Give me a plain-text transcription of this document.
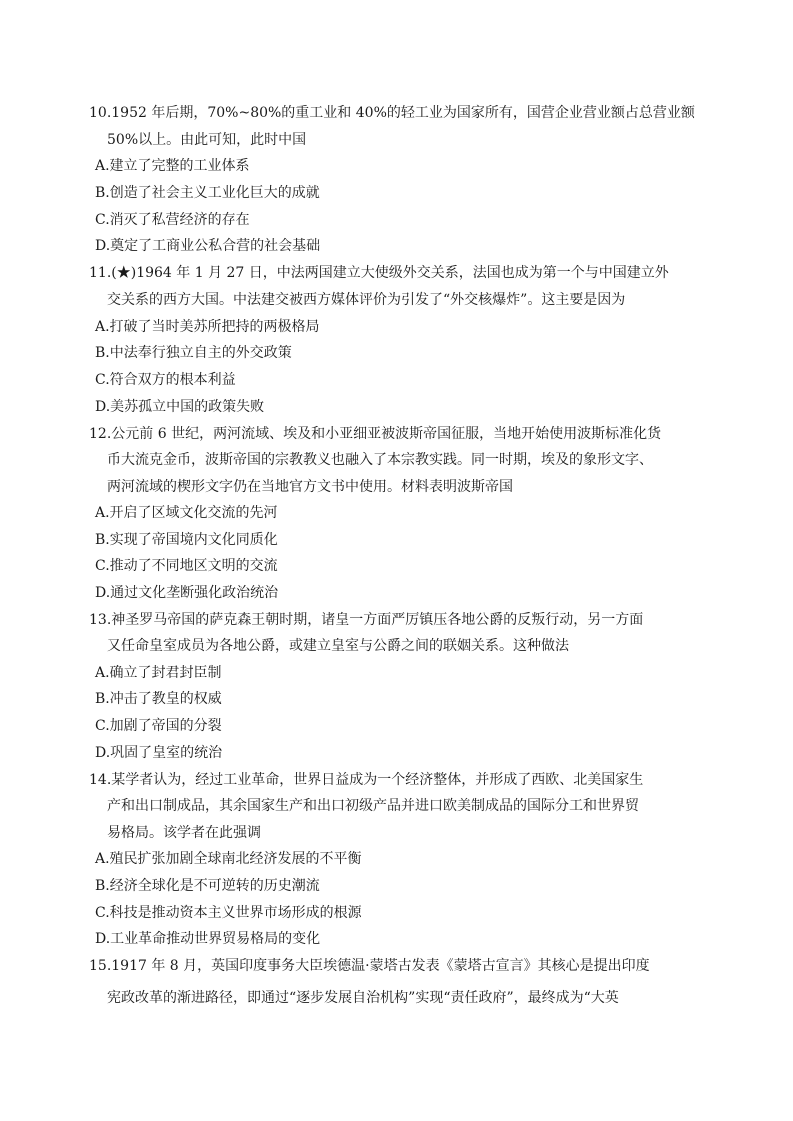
10.1952 年后期，70%~80%的重工业和 40%的轻工业为国家所有，国营企业营业额占总营业额
50%以上。由此可知，此时中国
A.建立了完整的工业体系
B.创造了社会主义工业化巨大的成就
C.消灭了私营经济的存在
D.奠定了工商业公私合营的社会基础
11.(★)1964 年 1 月 27 日，中法两国建立大使级外交关系，法国也成为第一个与中国建立外
交关系的西方大国。中法建交被西方媒体评价为引发了“外交核爆炸”。这主要是因为
A.打破了当时美苏所把持的两极格局
B.中法奉行独立自主的外交政策
C.符合双方的根本利益
D.美苏孤立中国的政策失败
12.公元前 6 世纪，两河流域、埃及和小亚细亚被波斯帝国征服，当地开始使用波斯标准化货
币大流克金币，波斯帝国的宗教教义也融入了本宗教实践。同一时期，埃及的象形文字、
两河流域的楔形文字仍在当地官方文书中使用。材料表明波斯帝国
A.开启了区域文化交流的先河
B.实现了帝国境内文化同质化
C.推动了不同地区文明的交流
D.通过文化垄断强化政治统治
13.神圣罗马帝国的萨克森王朝时期，诸皇一方面严厉镇压各地公爵的反叛行动，另一方面
又任命皇室成员为各地公爵，或建立皇室与公爵之间的联姻关系。这种做法
A.确立了封君封臣制
B.冲击了教皇的权威
C.加剧了帝国的分裂
D.巩固了皇室的统治
14.某学者认为，经过工业革命，世界日益成为一个经济整体，并形成了西欧、北美国家生
产和出口制成品，其余国家生产和出口初级产品并进口欧美制成品的国际分工和世界贸
易格局。该学者在此强调
A.殖民扩张加剧全球南北经济发展的不平衡
B.经济全球化是不可逆转的历史潮流
C.科技是推动资本主义世界市场形成的根源
D.工业革命推动世界贸易格局的变化
15.1917 年 8 月，英国印度事务大臣埃德温·蒙塔古发表《蒙塔古宣言》其核心是提出印度
宪政改革的渐进路径，即通过“逐步发展自治机构”实现“责任政府”，最终成为“大英
